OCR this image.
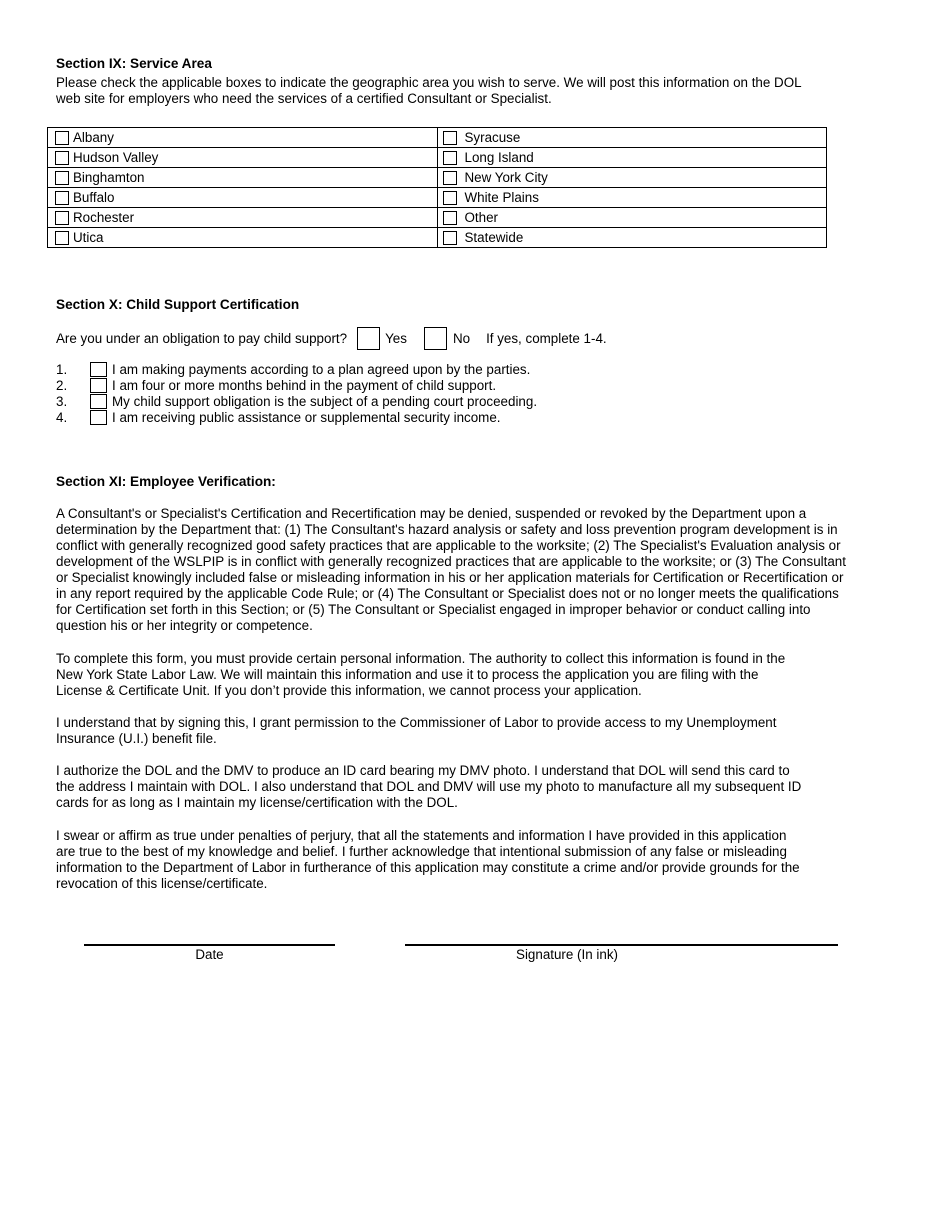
Section IX: Service Area
Please check the applicable boxes to indicate the geographic area you wish to serve. We will post this information on the DOL
web site for employers who need the services of a certified Consultant or Specialist.
Albany	Syracuse

Hudson Valley	Long Island

Binghamton	New York City

Buffalo	White Plains

Rochester	Other

Utica	Statewide
Section X: Child Support Certification
Are you under an obligation to pay child support?	Yes	No If yes, complete 1-4.
1.	I am making payments according to a plan agreed upon by the parties.
2.	I am four or more months behind in the payment of child support.
3.	My child support obligation is the subject of a pending court proceeding.
4.	I am receiving public assistance or supplemental security income.
Section XI: Employee Verification:
A Consultant's or Specialist's Certification and Recertification may be denied, suspended or revoked by the Department upon a
determination by the Department that: (1) The Consultant's hazard analysis or safety and loss prevention program development is in
conflict with generally recognized good safety practices that are applicable to the worksite; (2) The Specialist's Evaluation analysis or
development of the WSLPIP is in conflict with generally recognized practices that are applicable to the worksite; or (3) The Consultant
or Specialist knowingly included false or misleading information in his or her application materials for Certification or Recertification or
in any report required by the applicable Code Rule; or (4) The Consultant or Specialist does not or no longer meets the qualifications
for Certification set forth in this Section; or (5) The Consultant or Specialist engaged in improper behavior or conduct calling into
question his or her integrity or competence.
To complete this form, you must provide certain personal information. The authority to collect this information is found in the
New York State Labor Law. We will maintain this information and use it to process the application you are filing with the
License & Certificate Unit. If you don’t provide this information, we cannot process your application.
I understand that by signing this, I grant permission to the Commissioner of Labor to provide access to my Unemployment
Insurance (U.I.) benefit file.
I authorize the DOL and the DMV to produce an ID card bearing my DMV photo. I understand that DOL will send this card to
the address I maintain with DOL. I also understand that DOL and DMV will use my photo to manufacture all my subsequent ID
cards for as long as I maintain my license/certification with the DOL.
I swear or affirm as true under penalties of perjury, that all the statements and information I have provided in this application
are true to the best of my knowledge and belief. I further acknowledge that intentional submission of any false or misleading
information to the Department of Labor in furtherance of this application may constitute a crime and/or provide grounds for the
revocation of this license/certificate.
Date	Signature (In ink)
